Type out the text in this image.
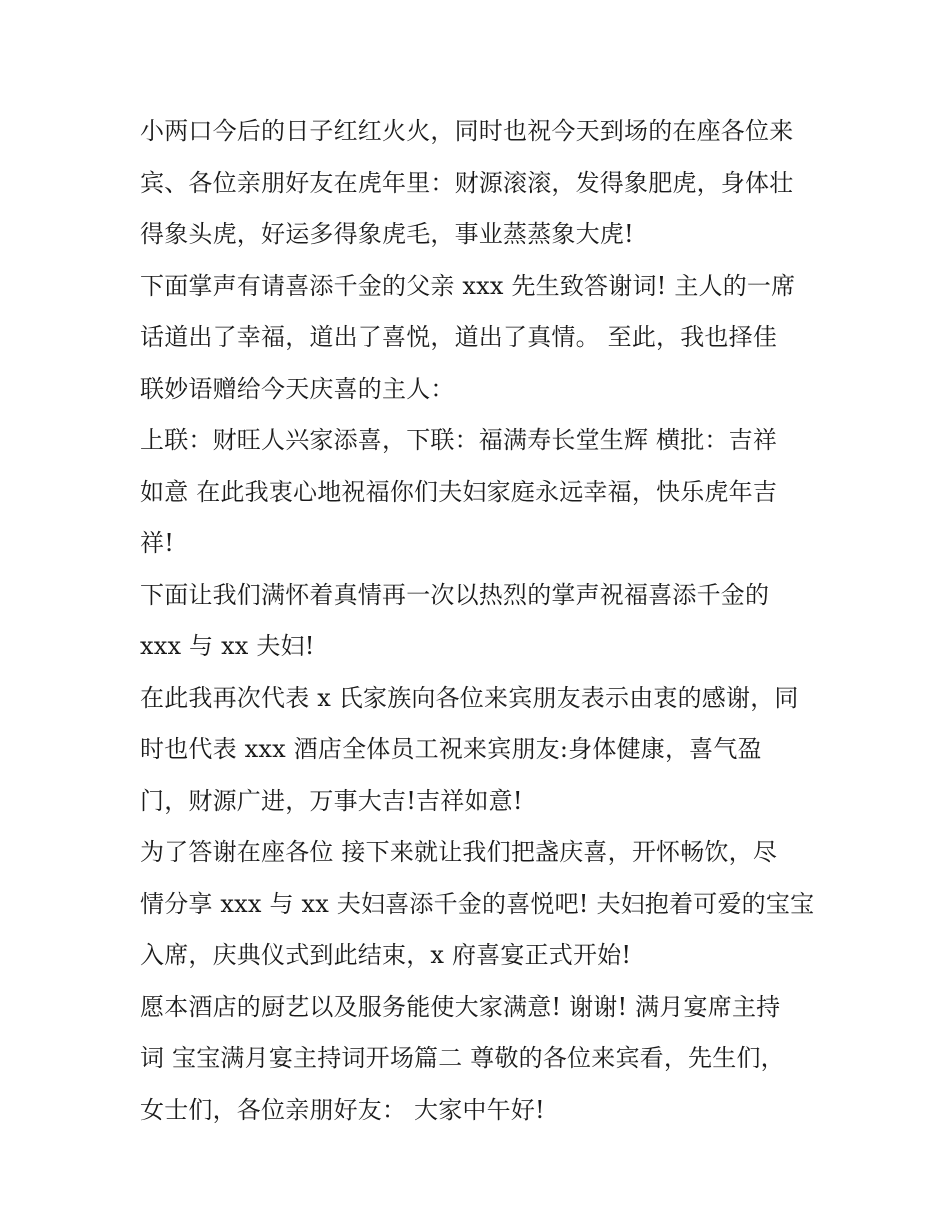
小两口今后的日子红红火火，同时也祝今天到场的在座各位来
宾、各位亲朋好友在虎年里：财源滚滚，发得象肥虎，身体壮
得象头虎，好运多得象虎毛，事业蒸蒸象大虎!
下面掌声有请喜添千金的父亲 xxx 先生致答谢词! 主人的一席
话道出了幸福，道出了喜悦，道出了真情。 至此，我也择佳
联妙语赠给今天庆喜的主人：
上联：财旺人兴家添喜，下联：福满寿长堂生辉 横批：吉祥
如意 在此我衷心地祝福你们夫妇家庭永远幸福，快乐虎年吉
祥!
下面让我们满怀着真情再一次以热烈的掌声祝福喜添千金的
xxx 与 xx 夫妇!
在此我再次代表 x 氏家族向各位来宾朋友表示由衷的感谢，同
时也代表 xxx 酒店全体员工祝来宾朋友:身体健康，喜气盈
门，财源广进，万事大吉!吉祥如意!
为了答谢在座各位 接下来就让我们把盏庆喜，开怀畅饮，尽
情分享 xxx 与 xx 夫妇喜添千金的喜悦吧! 夫妇抱着可爱的宝宝
入席，庆典仪式到此结束，x 府喜宴正式开始!
愿本酒店的厨艺以及服务能使大家满意! 谢谢! 满月宴席主持
词 宝宝满月宴主持词开场篇二 尊敬的各位来宾看，先生们，
女士们，各位亲朋好友： 大家中午好!
